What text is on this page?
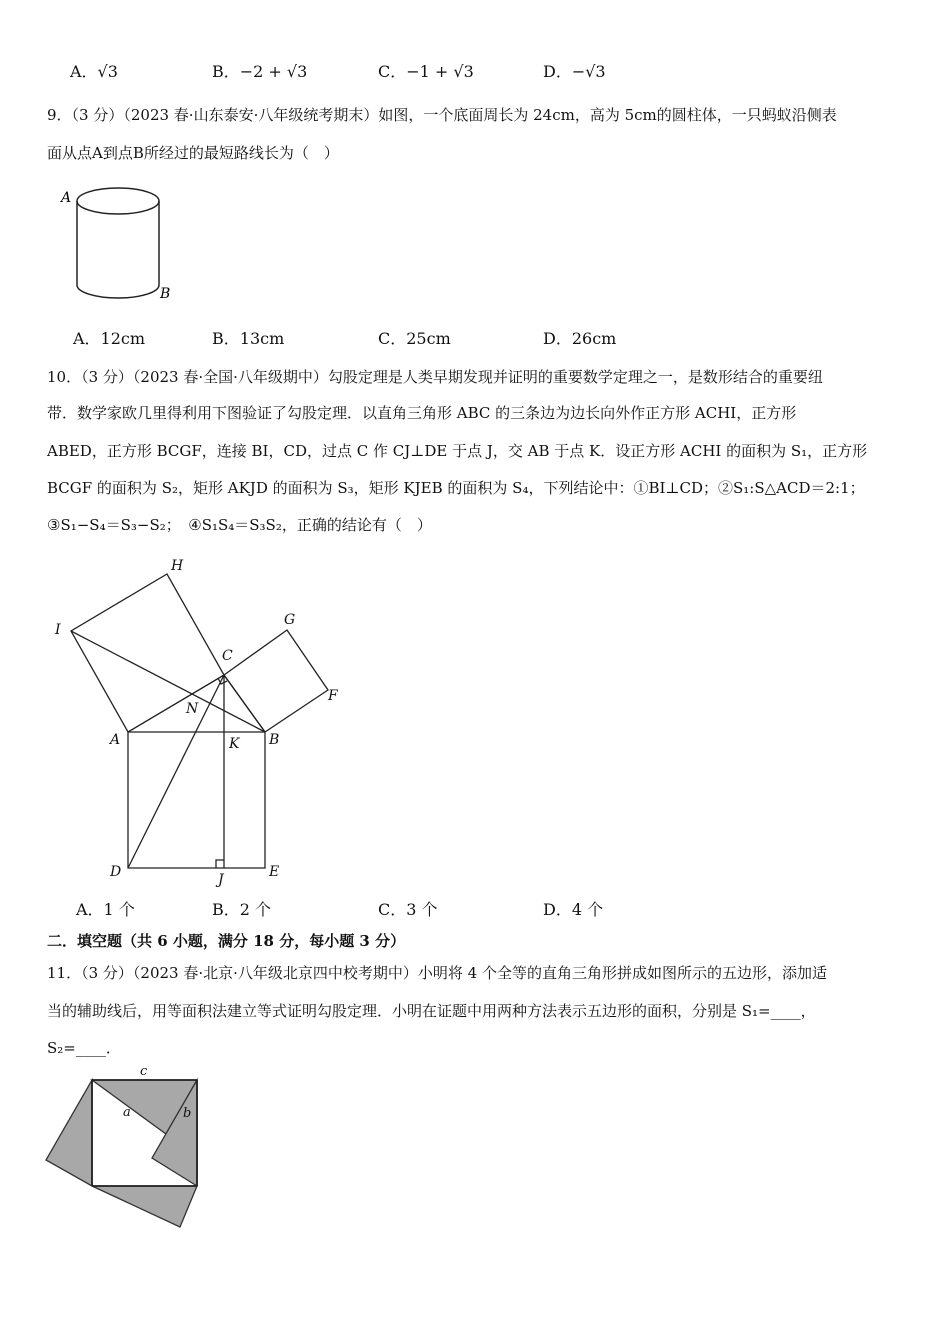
A．√3	B．−2 + √3	C．−1 + √3	D．−√3
9．（3 分）（2023 春·山东泰安·八年级统考期末）如图，一个底面周长为 24cm，高为 5cm的圆柱体，一只蚂蚁沿侧表
面从点A到点B所经过的最短路线长为（　）
A
B
A．12cm	B．13cm	C．25cm	D．26cm
10．（3 分）（2023 春·全国·八年级期中）勾股定理是人类早期发现并证明的重要数学定理之一，是数形结合的重要纽
带．数学家欧几里得利用下图验证了勾股定理．以直角三角形 ABC 的三条边为边长向外作正方形 ACHI，正方形
ABED，正方形 BCGF，连接 BI，CD，过点 C 作 CJ⊥DE 于点 J，交 AB 于点 K．设正方形 ACHI 的面积为 S₁，正方形
BCGF 的面积为 S₂，矩形 AKJD 的面积为 S₃，矩形 KJEB 的面积为 S₄，下列结论中：①BI⊥CD；②S₁:S△ACD＝2:1；
③S₁−S₄＝S₃−S₂；　④S₁S₄＝S₃S₂，正确的结论有（　）
H
I
G
C
F
N
A	K B
D	J	E
A．1 个	B．2 个	C．3 个	D．4 个
二．填空题（共 6 小题，满分 18 分，每小题 3 分）
11．（3 分）（2023 春·北京·八年级北京四中校考期中）小明将 4 个全等的直角三角形拼成如图所示的五边形，添加适
当的辅助线后，用等面积法建立等式证明勾股定理．小明在证题中用两种方法表示五边形的面积，分别是 S₁=____，
S₂=____．
c
a	b
